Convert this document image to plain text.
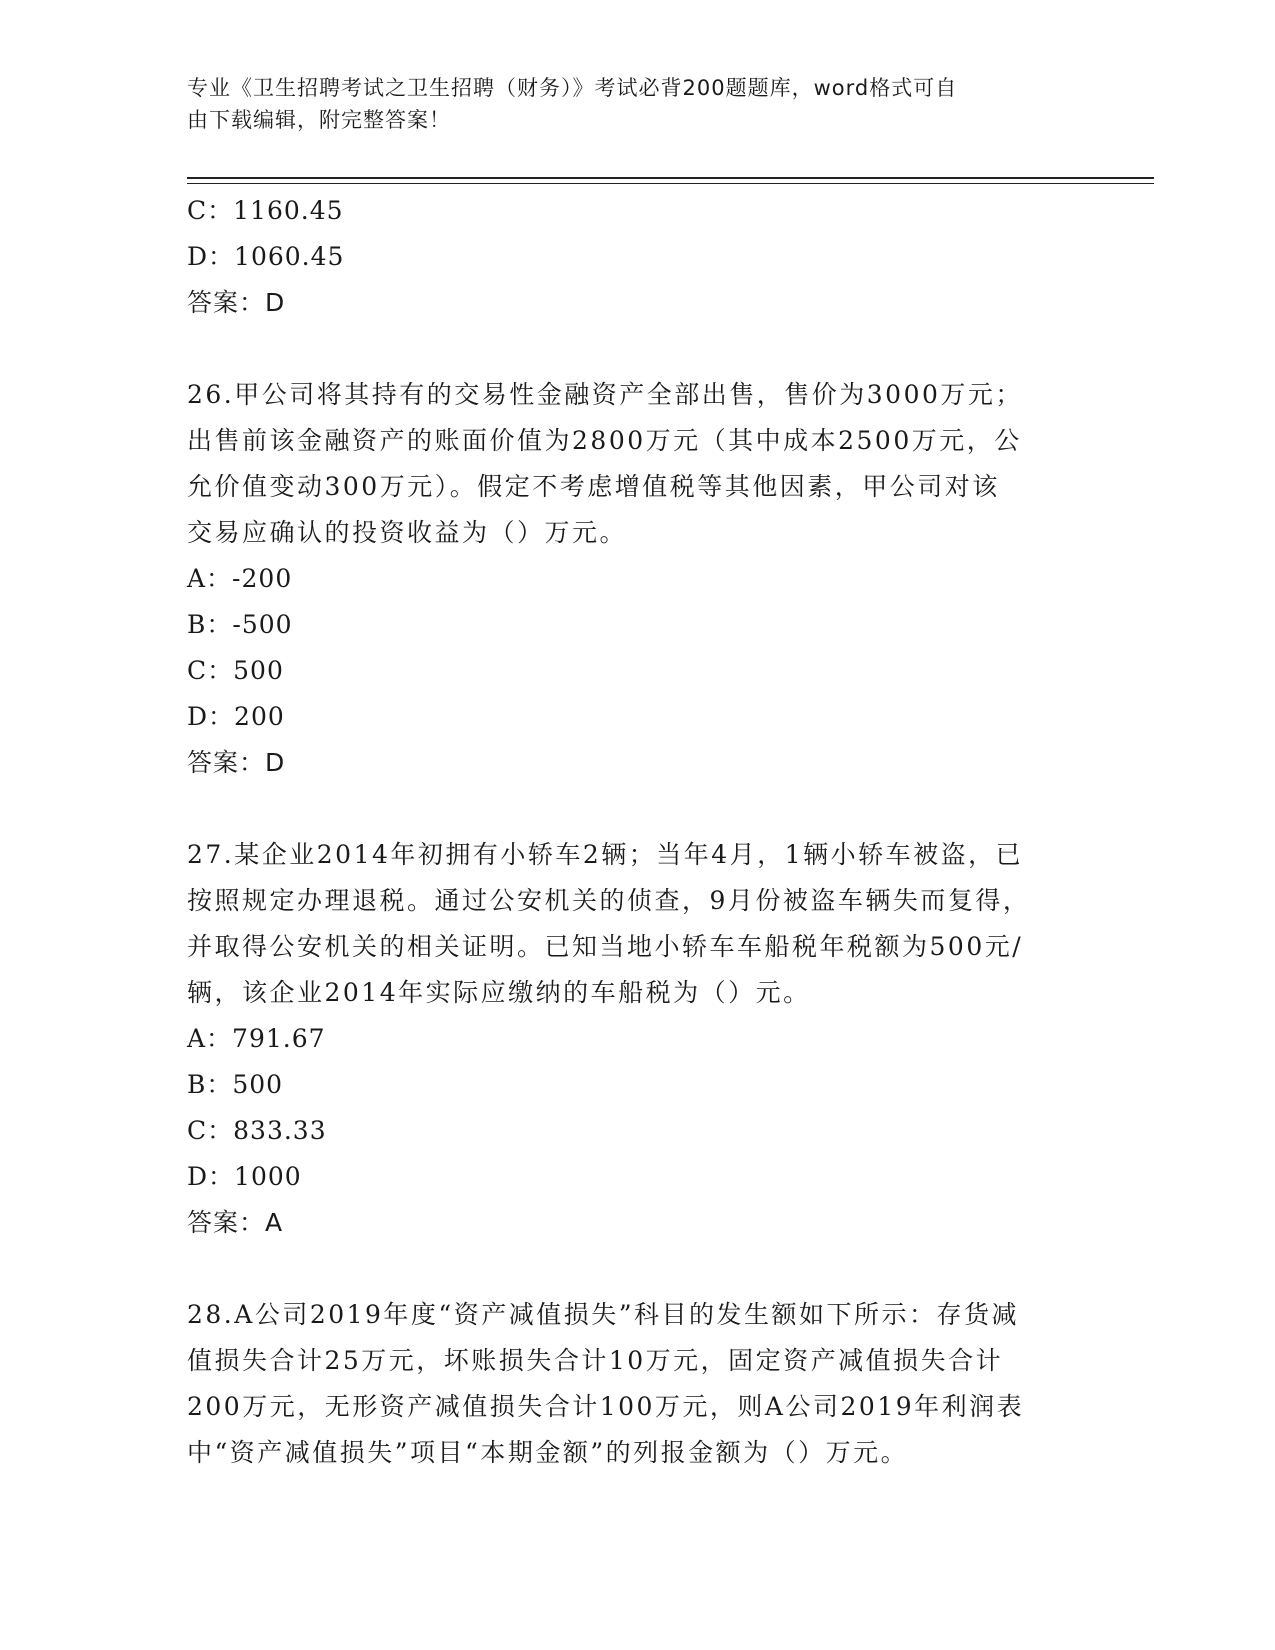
专业《卫生招聘考试之卫生招聘（财务）》考试必背200题题库，word格式可自
由下载编辑，附完整答案！
C：1160.45
D：1060.45
答案：D
26.甲公司将其持有的交易性金融资产全部出售，售价为3000万元；
出售前该金融资产的账面价值为2800万元（其中成本2500万元，公
允价值变动300万元）。假定不考虑增值税等其他因素，甲公司对该
交易应确认的投资收益为（）万元。
A：-200
B：-500
C：500
D：200
答案：D
27.某企业2014年初拥有小轿车2辆；当年4月，1辆小轿车被盗，已
按照规定办理退税。通过公安机关的侦查，9月份被盗车辆失而复得，
并取得公安机关的相关证明。已知当地小轿车车船税年税额为500元/
辆，该企业2014年实际应缴纳的车船税为（）元。
A：791.67
B：500
C：833.33
D：1000
答案：A
28.A公司2019年度“资产减值损失”科目的发生额如下所示：存货减
值损失合计25万元，坏账损失合计10万元，固定资产减值损失合计
200万元，无形资产减值损失合计100万元，则A公司2019年利润表
中“资产减值损失”项目“本期金额”的列报金额为（）万元。
